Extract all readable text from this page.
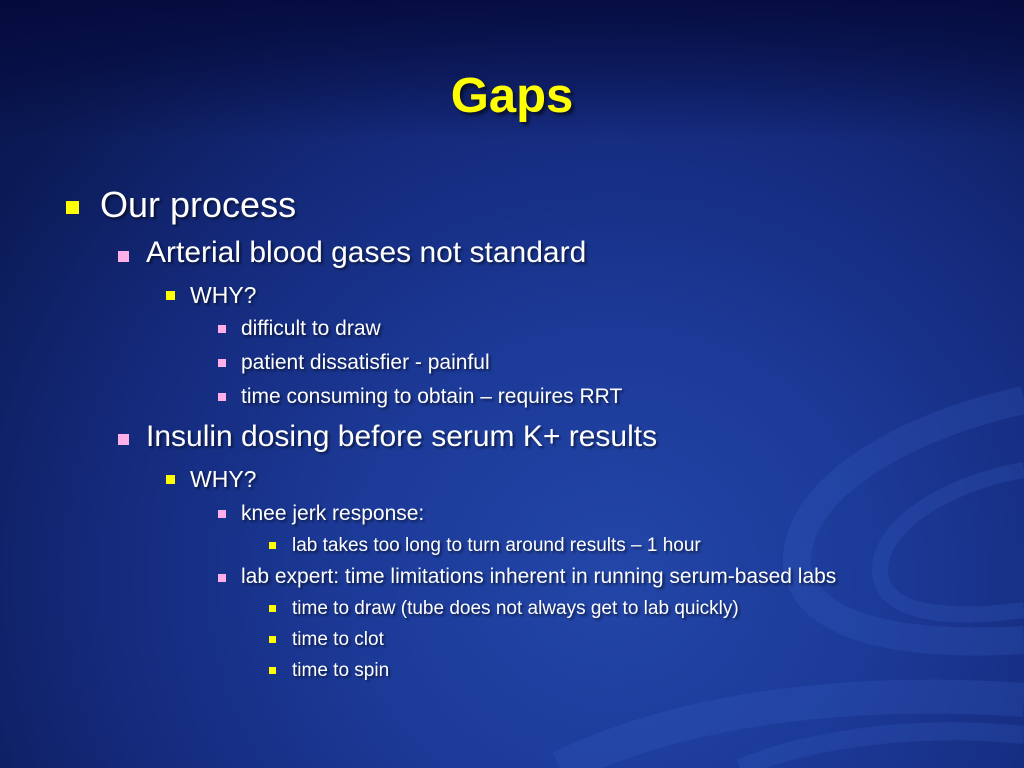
Gaps
Our process
Arterial blood gases not standard
WHY?
difficult to draw
patient dissatisfier - painful
time consuming to obtain – requires RRT
Insulin dosing before serum K+ results
WHY?
knee jerk response:
lab takes too long to turn around results – 1 hour
lab expert: time limitations inherent in running serum-based labs
time to draw (tube does not always get to lab quickly)
time to clot
time to spin
